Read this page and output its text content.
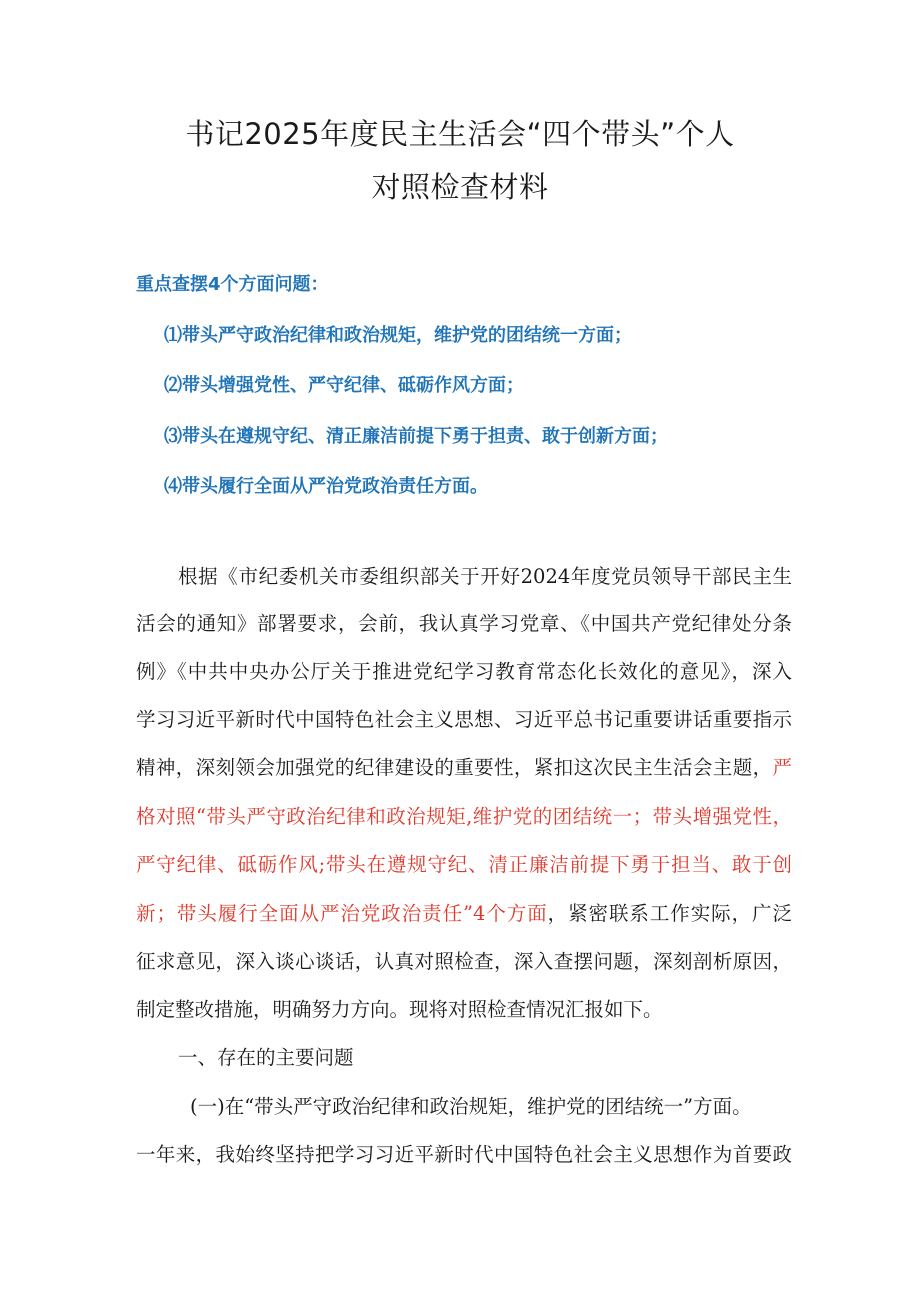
书记2025年度民主生活会“四个带头”个人
对照检查材料
重点查摆4个方面问题：
⑴带头严守政治纪律和政治规矩，维护党的团结统一方面；
⑵带头增强党性、严守纪律、砥砺作风方面；
⑶带头在遵规守纪、清正廉洁前提下勇于担责、敢于创新方面；
⑷带头履行全面从严治党政治责任方面。
根据《市纪委机关市委组织部关于开好2024年度党员领导干部民主生
活会的通知》部署要求，会前，我认真学习党章、《中国共产党纪律处分条
例》《中共中央办公厅关于推进党纪学习教育常态化长效化的意见》，深入
学习习近平新时代中国特色社会主义思想、习近平总书记重要讲话重要指示
精神，深刻领会加强党的纪律建设的重要性，紧扣这次民主生活会主题，严
格对照“带头严守政治纪律和政治规矩,维护党的团结统一；带头增强党性，
严守纪律、砥砺作风;带头在遵规守纪、清正廉洁前提下勇于担当、敢于创
新；带头履行全面从严治党政治责任”4个方面，紧密联系工作实际，广泛
征求意见，深入谈心谈话，认真对照检查，深入查摆问题，深刻剖析原因，
制定整改措施，明确努力方向。现将对照检查情况汇报如下。
一、存在的主要问题
(一)在“带头严守政治纪律和政治规矩，维护党的团结统一”方面。
一年来，我始终坚持把学习习近平新时代中国特色社会主义思想作为首要政
